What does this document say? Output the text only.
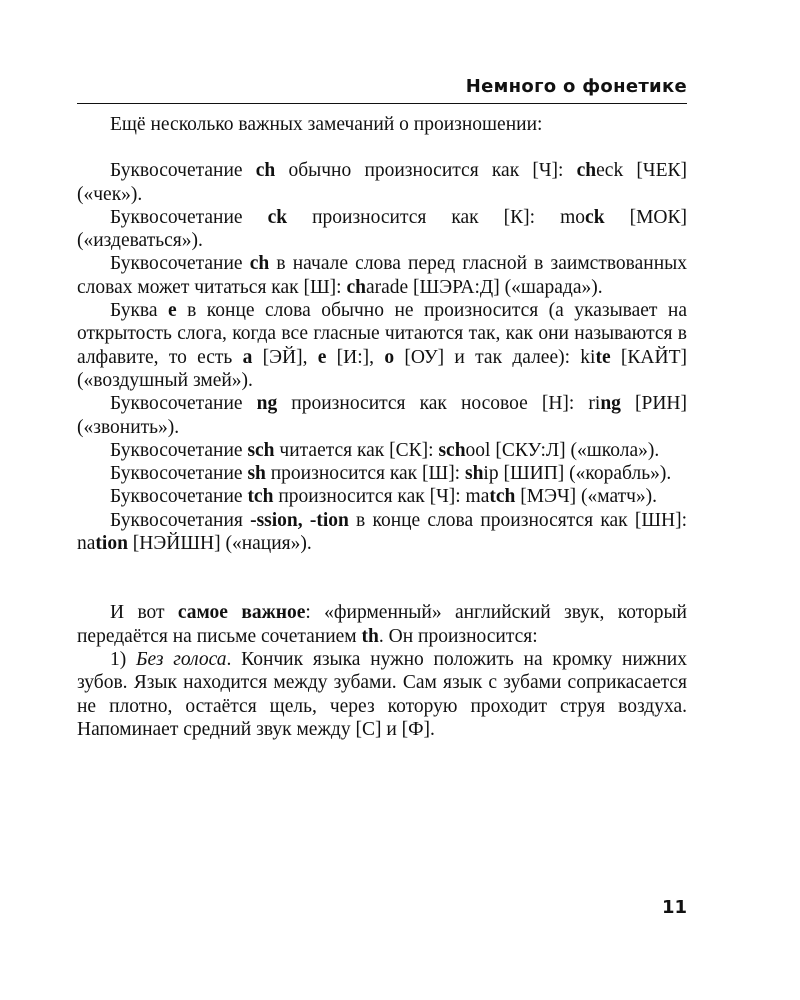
Немного о фонетике

Ещё несколько важных замечаний о произношении:

Буквосочетание ch обычно произносится как [Ч]: check [ЧЕК] («чек»).

Буквосочетание ck произносится как [К]: mock [МОК] («издеваться»).

Буквосочетание ch в начале слова перед гласной в заимствованных словах может читаться как [Ш]: charade [ШЭРА:Д] («шарада»).

Буква e в конце слова обычно не произносится (а указывает на открытость слога, когда все гласные читаются так, как они называются в алфавите, то есть a [ЭЙ], e [И:], o [ОУ] и так далее): kite [КАЙТ] («воздушный змей»).

Буквосочетание ng произносится как носовое [Н]: ring [РИН] («звонить»).

Буквосочетание sch читается как [СК]: school [СКУ:Л] («школа»).

Буквосочетание sh произносится как [Ш]: ship [ШИП] («корабль»).

Буквосочетание tch произносится как [Ч]: match [МЭЧ] («матч»).

Буквосочетания -ssion, -tion в конце слова произносятся как [ШН]: nation [НЭЙШН] («нация»).

И вот самое важное: «фирменный» английский звук, который передаётся на письме сочетанием th. Он произносится:

1) Без голоса. Кончик языка нужно положить на кромку нижних зубов. Язык находится между зубами. Сам язык с зубами соприкасается не плотно, остаётся щель, через которую проходит струя воздуха. Напоминает средний звук между [С] и [Ф].

11
